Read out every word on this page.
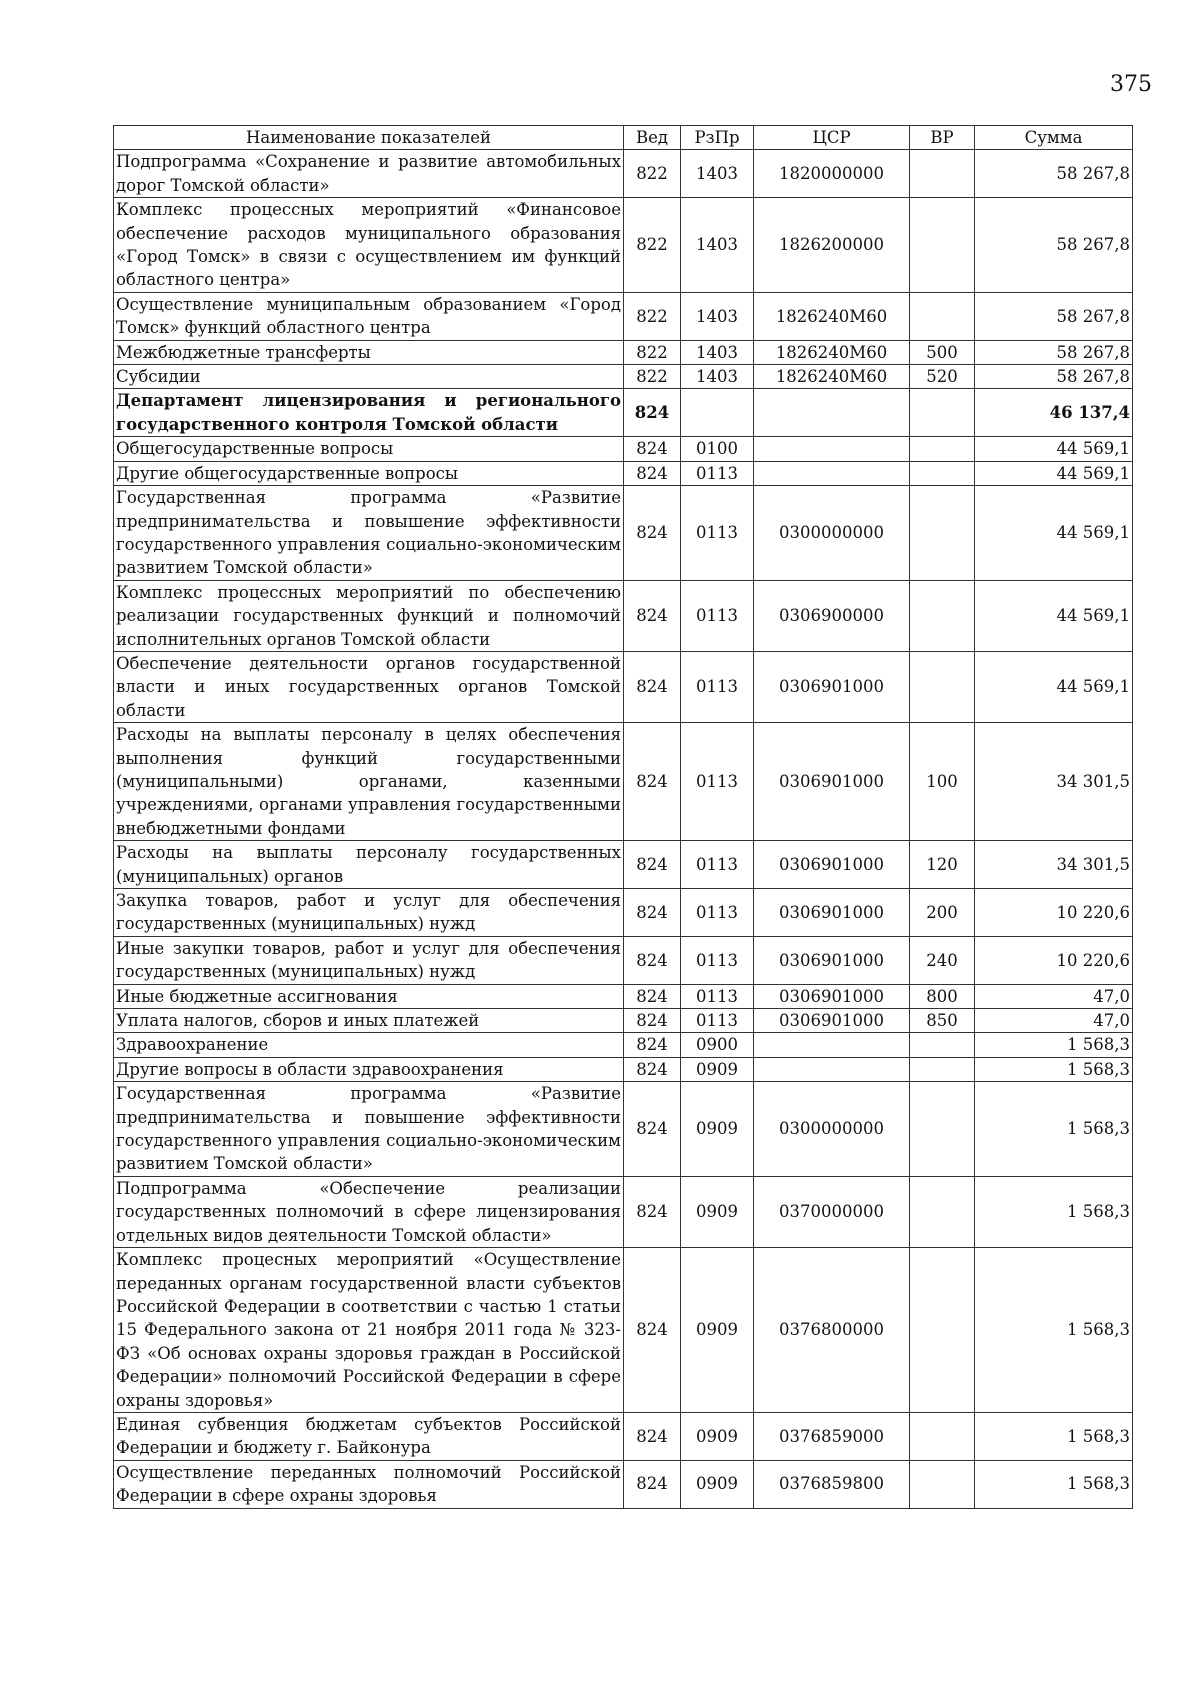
375
Наименование показателей	Вед	РзПр	ЦСР	ВР	Сумма
Подпрограмма «Сохранение и развитие автомобильных дорог Томской области»	822	1403	1820000000		58 267,8
Комплекс процессных мероприятий «Финансовое обеспечение расходов муниципального образования «Город Томск» в связи с осуществлением им функций областного центра»	822	1403	1826200000		58 267,8
Осуществление муниципальным образованием «Город Томск» функций областного центра	822	1403	1826240М60		58 267,8
Межбюджетные трансферты	822	1403	1826240М60	500	58 267,8
Субсидии	822	1403	1826240М60	520	58 267,8
Департамент лицензирования и регионального государственного контроля Томской области	824				46 137,4
Общегосударственные вопросы	824	0100			44 569,1
Другие общегосударственные вопросы	824	0113			44 569,1
Государственная программа «Развитие предпринимательства и повышение эффективности государственного управления социально-экономическим развитием Томской области»	824	0113	0300000000		44 569,1
Комплекс процессных мероприятий по обеспечению реализации государственных функций и полномочий исполнительных органов Томской области	824	0113	0306900000		44 569,1
Обеспечение деятельности органов государственной власти и иных государственных органов Томской области	824	0113	0306901000		44 569,1
Расходы на выплаты персоналу в целях обеспечения выполнения функций государственными (муниципальными) органами, казенными учреждениями, органами управления государственными внебюджетными фондами	824	0113	0306901000	100	34 301,5
Расходы на выплаты персоналу государственных (муниципальных) органов	824	0113	0306901000	120	34 301,5
Закупка товаров, работ и услуг для обеспечения государственных (муниципальных) нужд	824	0113	0306901000	200	10 220,6
Иные закупки товаров, работ и услуг для обеспечения государственных (муниципальных) нужд	824	0113	0306901000	240	10 220,6
Иные бюджетные ассигнования	824	0113	0306901000	800	47,0
Уплата налогов, сборов и иных платежей	824	0113	0306901000	850	47,0
Здравоохранение	824	0900			1 568,3
Другие вопросы в области здравоохранения	824	0909			1 568,3
Государственная программа «Развитие предпринимательства и повышение эффективности государственного управления социально-экономическим развитием Томской области»	824	0909	0300000000		1 568,3
Подпрограмма «Обеспечение реализации государственных полномочий в сфере лицензирования отдельных видов деятельности Томской области»	824	0909	0370000000		1 568,3
Комплекс процесных мероприятий «Осуществление переданных органам государственной власти субъектов Российской Федерации в соответствии с частью 1 статьи 15 Федерального закона от 21 ноября 2011 года № 323-ФЗ «Об основах охраны здоровья граждан в Российской Федерации» полномочий Российской Федерации в сфере охраны здоровья»	824	0909	0376800000		1 568,3
Единая субвенция бюджетам субъектов Российской Федерации и бюджету г. Байконура	824	0909	0376859000		1 568,3
Осуществление переданных полномочий Российской Федерации в сфере охраны здоровья	824	0909	0376859800		1 568,3
